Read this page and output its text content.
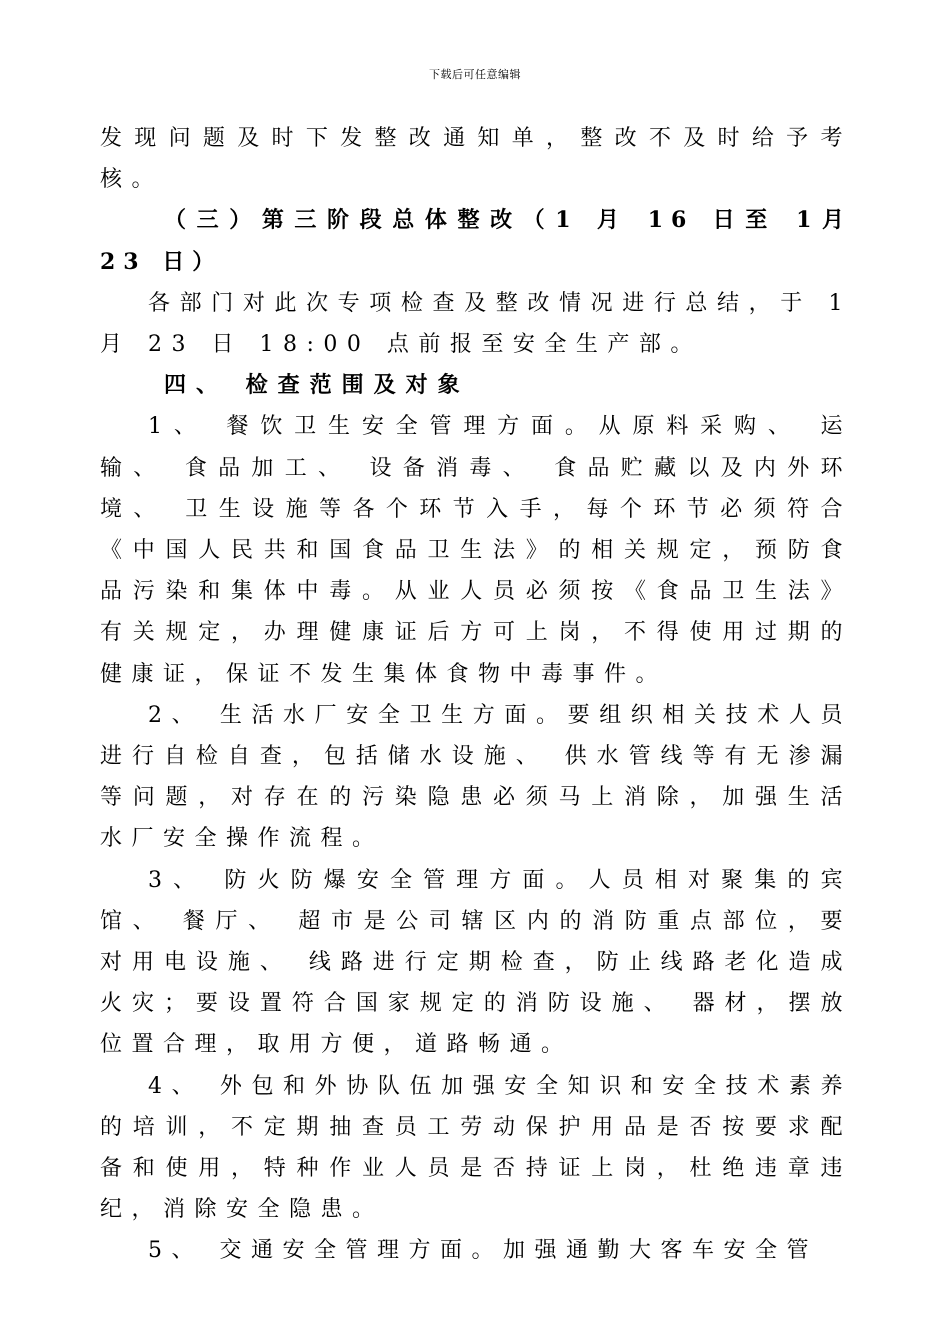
下载后可任意编辑

发现问题及时下发整改通知单，整改不及时给予考核。

（三）第三阶段总体整改（1 月 16 日至 1月 23 日）

各部门对此次专项检查及整改情况进行总结，于 1月 23 日 18:00 点前报至安全生产部。

四、 检查范围及对象

1、 餐饮卫生安全管理方面。从原料采购、 运输、 食品加工、 设备消毒、 食品贮藏以及内外环境、 卫生设施等各个环节入手，每个环节必须符合《中国人民共和国食品卫生法》的相关规定，预防食品污染和集体中毒。从业人员必须按《食品卫生法》有关规定，办理健康证后方可上岗，不得使用过期的健康证，保证不发生集体食物中毒事件。

2、 生活水厂安全卫生方面。要组织相关技术人员进行自检自查，包括储水设施、 供水管线等有无渗漏等问题，对存在的污染隐患必须马上消除，加强生活水厂安全操作流程。

3、 防火防爆安全管理方面。人员相对聚集的宾馆、 餐厅、 超市是公司辖区内的消防重点部位，要对用电设施、 线路进行定期检查，防止线路老化造成火灾；要设置符合国家规定的消防设施、 器材，摆放位置合理，取用方便，道路畅通。

4、 外包和外协队伍加强安全知识和安全技术素养的培训，不定期抽查员工劳动保护用品是否按要求配备和使用，特种作业人员是否持证上岗，杜绝违章违纪，消除安全隐患。

5、 交通安全管理方面。加强通勤大客车安全管
